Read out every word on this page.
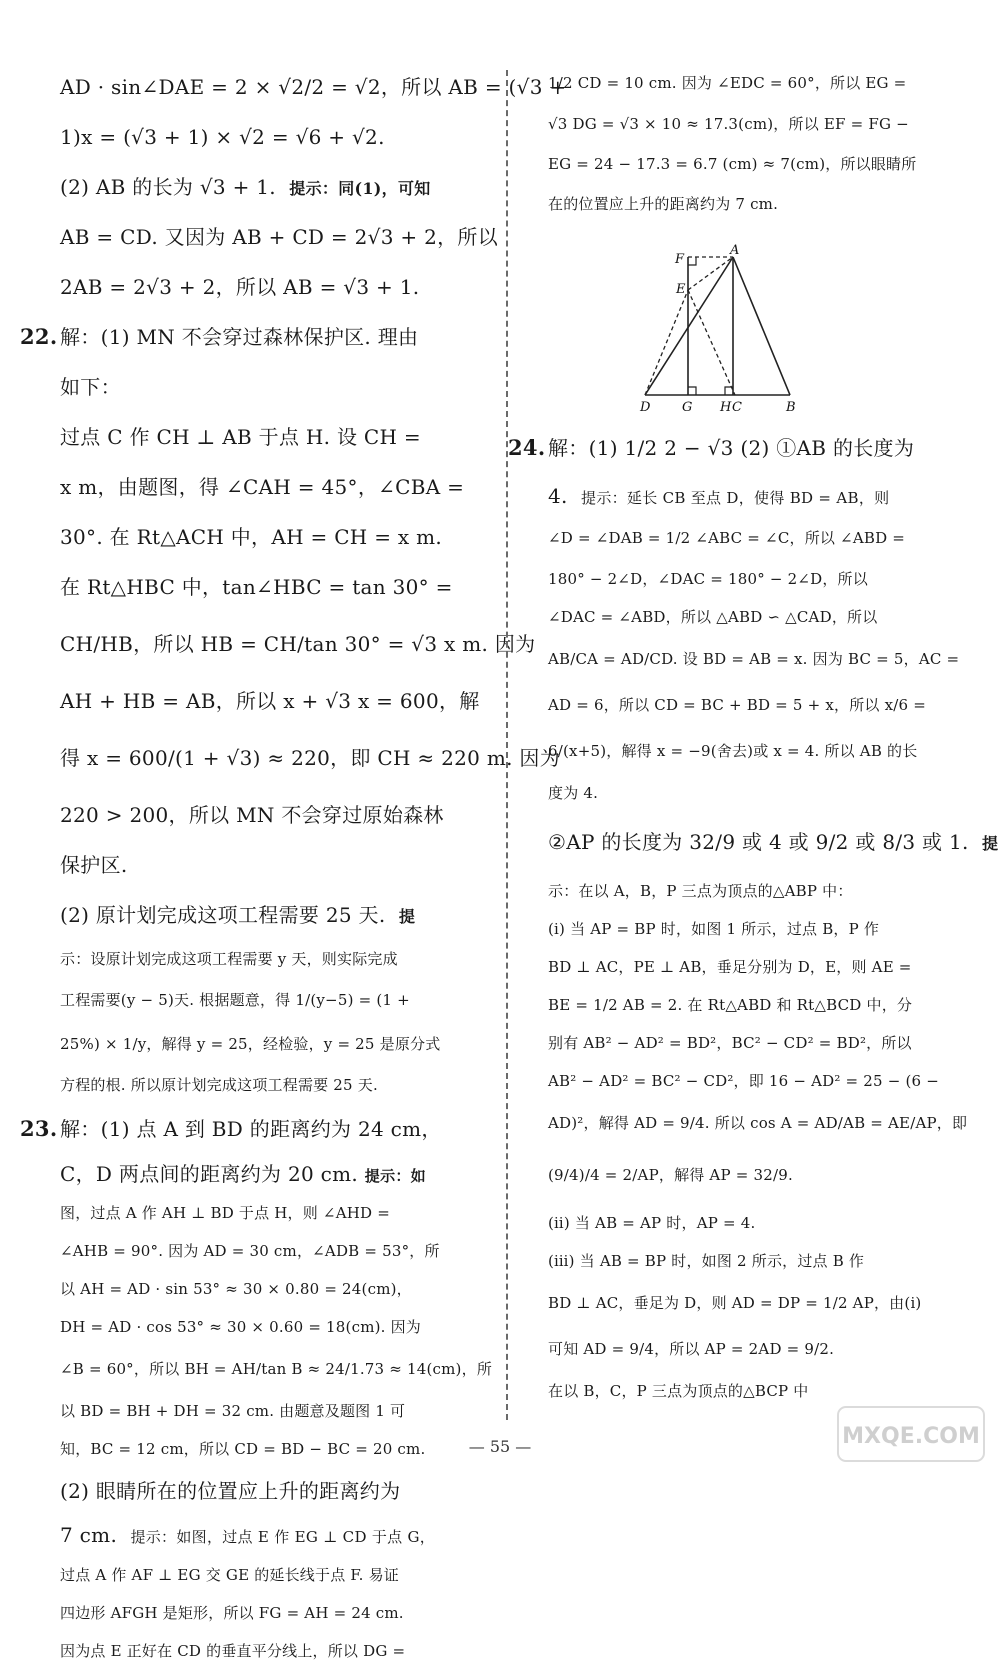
AD · sin∠DAE = 2 × √2/2 = √2，所以 AB = (√3 +
1)x = (√3 + 1) × √2 = √6 + √2.
(2) AB 的长为 √3 + 1. 提示：同(1)，可知
AB = CD. 又因为 AB + CD = 2√3 + 2，所以
2AB = 2√3 + 2，所以 AB = √3 + 1.
22. 解：(1) MN 不会穿过森林保护区. 理由
如下：
过点 C 作 CH ⊥ AB 于点 H. 设 CH =
x m，由题图，得 ∠CAH = 45°，∠CBA =
30°. 在 Rt△ACH 中，AH = CH = x m.
在 Rt△HBC 中，tan∠HBC = tan 30° =
CH/HB，所以 HB = CH/tan 30° = √3 x m. 因为
AH + HB = AB，所以 x + √3 x = 600，解
得 x = 600/(1 + √3) ≈ 220，即 CH ≈ 220 m. 因为
220 > 200，所以 MN 不会穿过原始森林
保护区.
(2) 原计划完成这项工程需要 25 天. 提
示：设原计划完成这项工程需要 y 天，则实际完成
工程需要(y − 5)天. 根据题意，得 1/(y−5) = (1 +
25%) × 1/y，解得 y = 25，经检验，y = 25 是原分式
方程的根. 所以原计划完成这项工程需要 25 天.
23. 解：(1) 点 A 到 BD 的距离约为 24 cm，
C，D 两点间的距离约为 20 cm. 提示：如
图，过点 A 作 AH ⊥ BD 于点 H，则 ∠AHD =
∠AHB = 90°. 因为 AD = 30 cm，∠ADB = 53°，所
以 AH = AD · sin 53° ≈ 30 × 0.80 = 24(cm)，
DH = AD · cos 53° ≈ 30 × 0.60 = 18(cm). 因为
∠B = 60°，所以 BH = AH/tan B ≈ 24/1.73 ≈ 14(cm)，所
以 BD = BH + DH = 32 cm. 由题意及题图 1 可
知，BC = 12 cm，所以 CD = BD − BC = 20 cm.
(2) 眼睛所在的位置应上升的距离约为
7 cm. 提示：如图，过点 E 作 EG ⊥ CD 于点 G，
过点 A 作 AF ⊥ EG 交 GE 的延长线于点 F. 易证
四边形 AFGH 是矩形，所以 FG = AH = 24 cm.
因为点 E 正好在 CD 的垂直平分线上，所以 DG =
1/2 CD = 10 cm. 因为 ∠EDC = 60°，所以 EG =
√3 DG = √3 × 10 ≈ 17.3(cm)，所以 EF = FG −
EG = 24 − 17.3 = 6.7 (cm) ≈ 7(cm)，所以眼睛所
在的位置应上升的距离约为 7 cm.
24. 解：(1) 1/2 2 − √3 (2) ①AB 的长度为
4. 提示：延长 CB 至点 D，使得 BD = AB，则
∠D = ∠DAB = 1/2 ∠ABC = ∠C，所以 ∠ABD =
180° − 2∠D，∠DAC = 180° − 2∠D，所以
∠DAC = ∠ABD，所以 △ABD ∽ △CAD，所以
AB/CA = AD/CD. 设 BD = AB = x. 因为 BC = 5，AC =
AD = 6，所以 CD = BC + BD = 5 + x，所以 x/6 =
6/(x+5)，解得 x = −9(舍去)或 x = 4. 所以 AB 的长
度为 4.
②AP 的长度为 32/9 或 4 或 9/2 或 8/3 或 1. 提
示：在以 A，B，P 三点为顶点的△ABP 中：
(ⅰ) 当 AP = BP 时，如图 1 所示，过点 B，P 作
BD ⊥ AC，PE ⊥ AB，垂足分别为 D，E，则 AE =
BE = 1/2 AB = 2. 在 Rt△ABD 和 Rt△BCD 中，分
别有 AB² − AD² = BD²，BC² − CD² = BD²，所以
AB² − AD² = BC² − CD²，即 16 − AD² = 25 − (6 −
AD)²，解得 AD = 9/4. 所以 cos A = AD/AB = AE/AP，即
(9/4)/4 = 2/AP，解得 AP = 32/9.
(ⅱ) 当 AB = AP 时，AP = 4.
(ⅲ) 当 AB = BP 时，如图 2 所示，过点 B 作
BD ⊥ AC，垂足为 D，则 AD = DP = 1/2 AP，由(ⅰ)
可知 AD = 9/4，所以 AP = 2AD = 9/2.
在以 B，C，P 三点为顶点的△BCP 中
A
F
E
D G H C	B
— 55 —	MXQE.COM
